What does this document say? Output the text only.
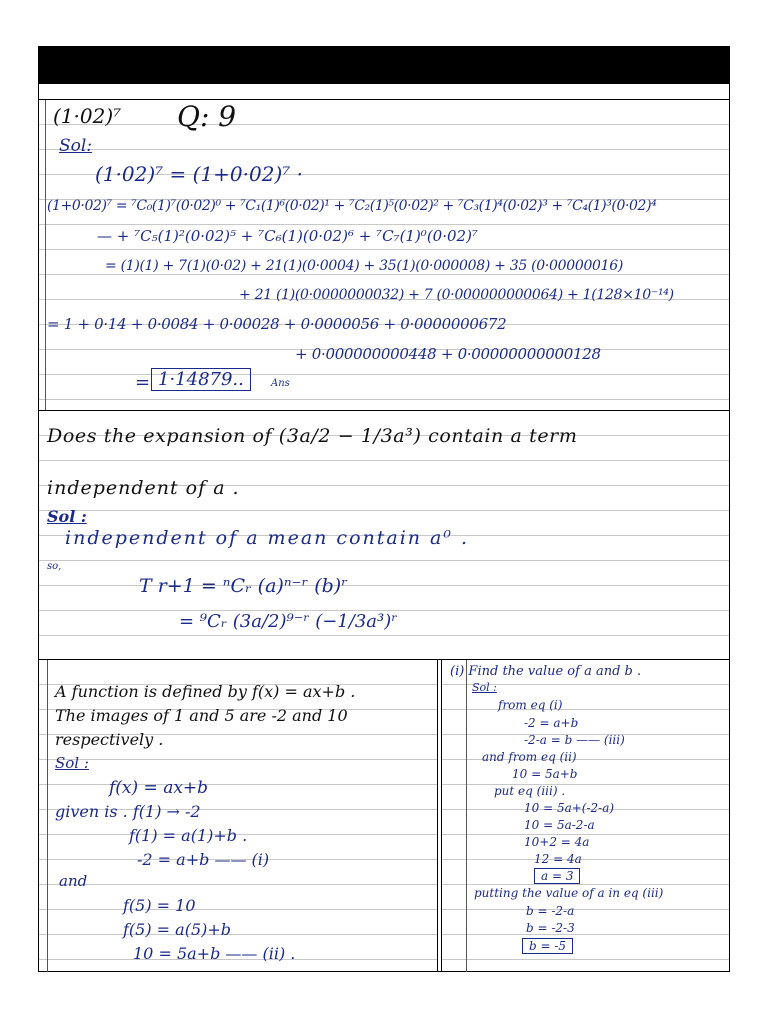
(1·02)⁷ Q: 9
Sol:
(1·02)⁷ = (1+0·02)⁷ ·
(1+0·02)⁷ = ⁷C₀(1)⁷(0·02)⁰ + ⁷C₁(1)⁶(0·02)¹ + ⁷C₂(1)⁵(0·02)² + ⁷C₃(1)⁴(0·02)³ + ⁷C₄(1)³(0·02)⁴
— + ⁷C₅(1)²(0·02)⁵ + ⁷C₆(1)(0·02)⁶ + ⁷C₇(1)⁰(0·02)⁷
= (1)(1) + 7(1)(0·02) + 21(1)(0·0004) + 35(1)(0·000008) + 35 (0·00000016)
+ 21 (1)(0·0000000032) + 7 (0·000000000064) + 1(128×10⁻¹⁴)
= 1 + 0·14 + 0·0084 + 0·00028 + 0·0000056 + 0·0000000672
+ 0·000000000448 + 0·00000000000128
= 1·14879..	Ans
Does the expansion of (3a/2 − 1/3a³) contain a term
independent of a .
Sol :
independent of a mean contain a⁰ .
so,
T r+1 = ⁿCᵣ (a)ⁿ⁻ʳ (b)ʳ
= ⁹Cᵣ (3a/2)⁹⁻ʳ (−1/3a³)ʳ
A function is defined by f(x) = ax+b .
The images of 1 and 5 are -2 and 10
respectively .
Sol :
f(x) = ax+b
given is . f(1) → -2
f(1) = a(1)+b .
-2 = a+b —— (i)
and
f(5) = 10
f(5) = a(5)+b
10 = 5a+b —— (ii) .
(i) Find the value of a and b .
Sol :
from eq (i)
-2 = a+b
-2-a = b —— (iii)
and from eq (ii)
10 = 5a+b
put eq (iii) .
10 = 5a+(-2-a)
10 = 5a-2-a
10+2 = 4a
12 = 4a
a = 3
putting the value of a in eq (iii)
b = -2-a
b = -2-3
b = -5
